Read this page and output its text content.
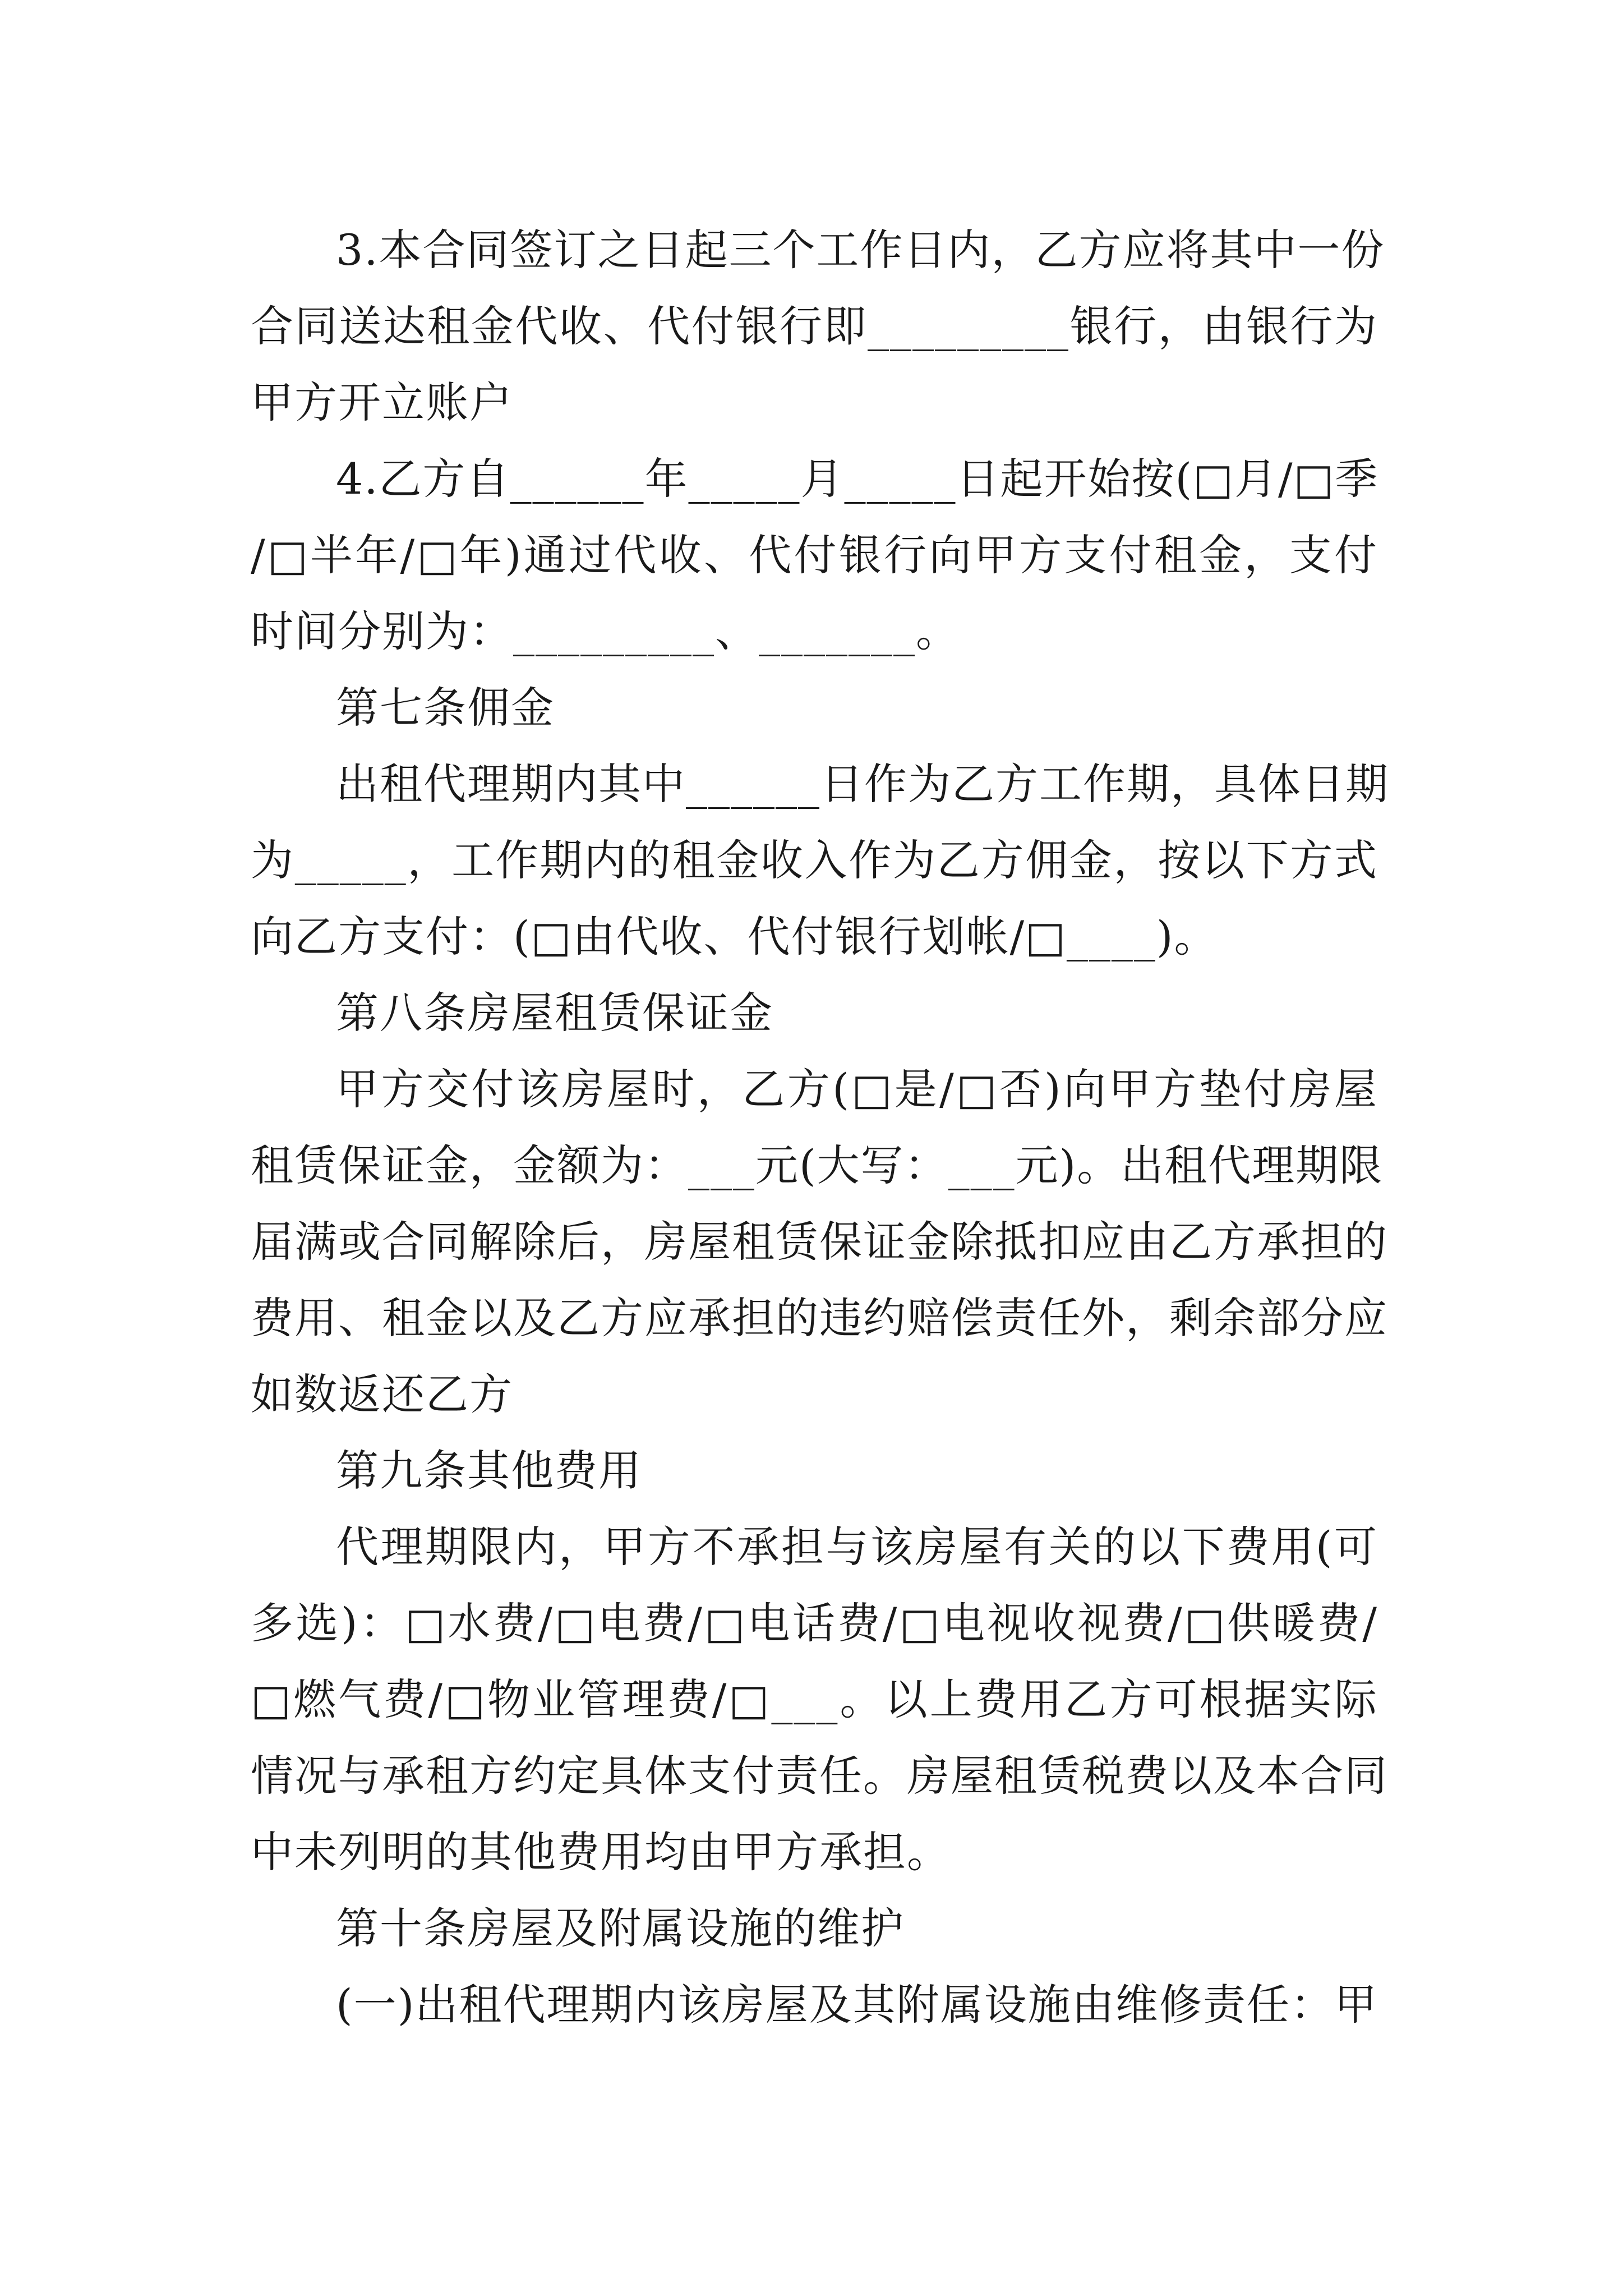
3.本合同签订之日起三个工作日内，乙方应将其中一份
合同送达租金代收、代付银行即_________银行，由银行为
甲方开立账户
4.乙方自______年_____月_____日起开始按(□月/□季
/□半年/□年)通过代收、代付银行向甲方支付租金，支付
时间分别为：_________、_______。
第七条佣金
出租代理期内其中______日作为乙方工作期，具体日期
为_____，工作期内的租金收入作为乙方佣金，按以下方式
向乙方支付：(□由代收、代付银行划帐/□____)。
第八条房屋租赁保证金
甲方交付该房屋时，乙方(□是/□否)向甲方垫付房屋
租赁保证金，金额为：___元(大写：___元)。出租代理期限
届满或合同解除后，房屋租赁保证金除抵扣应由乙方承担的
费用、租金以及乙方应承担的违约赔偿责任外，剩余部分应
如数返还乙方
第九条其他费用
代理期限内，甲方不承担与该房屋有关的以下费用(可
多选)：□水费/□电费/□电话费/□电视收视费/□供暖费/
□燃气费/□物业管理费/□___。以上费用乙方可根据实际
情况与承租方约定具体支付责任。房屋租赁税费以及本合同
中未列明的其他费用均由甲方承担。
第十条房屋及附属设施的维护
(一)出租代理期内该房屋及其附属设施由维修责任：甲
